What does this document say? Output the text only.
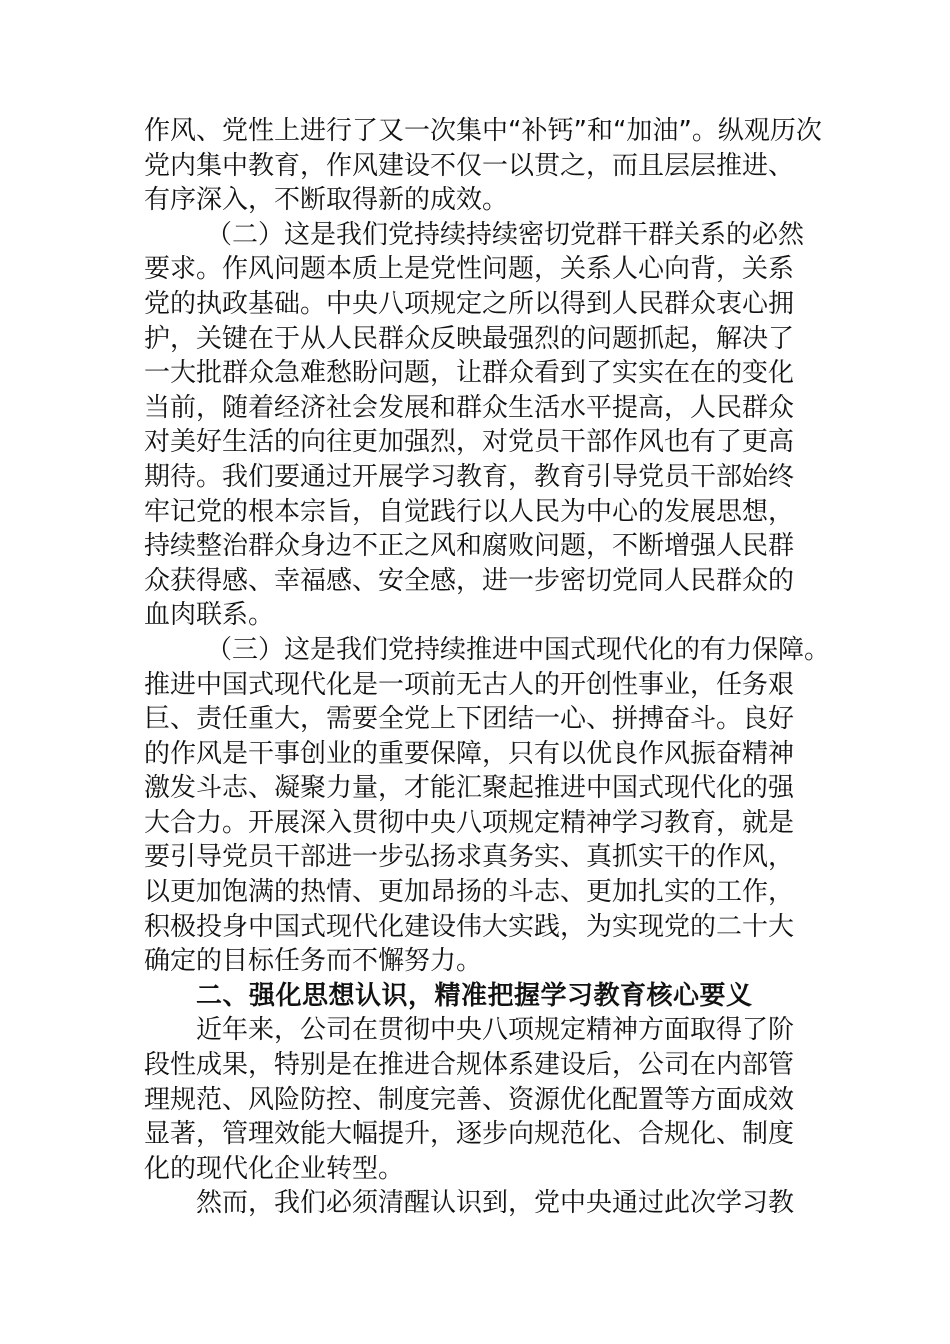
作风、党性上进行了又一次集中“补钙”和“加油”。纵观历次
党内集中教育，作风建设不仅一以贯之，而且层层推进、
有序深入，不断取得新的成效。
（二）这是我们党持续持续密切党群干群关系的必然
要求。作风问题本质上是党性问题，关系人心向背，关系
党的执政基础。中央八项规定之所以得到人民群众衷心拥
护，关键在于从人民群众反映最强烈的问题抓起，解决了
一大批群众急难愁盼问题，让群众看到了实实在在的变化
当前，随着经济社会发展和群众生活水平提高，人民群众
对美好生活的向往更加强烈，对党员干部作风也有了更高
期待。我们要通过开展学习教育，教育引导党员干部始终
牢记党的根本宗旨，自觉践行以人民为中心的发展思想，
持续整治群众身边不正之风和腐败问题，不断增强人民群
众获得感、幸福感、安全感，进一步密切党同人民群众的
血肉联系。
（三）这是我们党持续推进中国式现代化的有力保障。
推进中国式现代化是一项前无古人的开创性事业，任务艰
巨、责任重大，需要全党上下团结一心、拼搏奋斗。良好
的作风是干事创业的重要保障，只有以优良作风振奋精神
激发斗志、凝聚力量，才能汇聚起推进中国式现代化的强
大合力。开展深入贯彻中央八项规定精神学习教育，就是
要引导党员干部进一步弘扬求真务实、真抓实干的作风，
以更加饱满的热情、更加昂扬的斗志、更加扎实的工作，
积极投身中国式现代化建设伟大实践，为实现党的二十大
确定的目标任务而不懈努力。
二、强化思想认识，精准把握学习教育核心要义
近年来，公司在贯彻中央八项规定精神方面取得了阶
段性成果，特别是在推进合规体系建设后，公司在内部管
理规范、风险防控、制度完善、资源优化配置等方面成效
显著，管理效能大幅提升，逐步向规范化、合规化、制度
化的现代化企业转型。
然而，我们必须清醒认识到，党中央通过此次学习教
